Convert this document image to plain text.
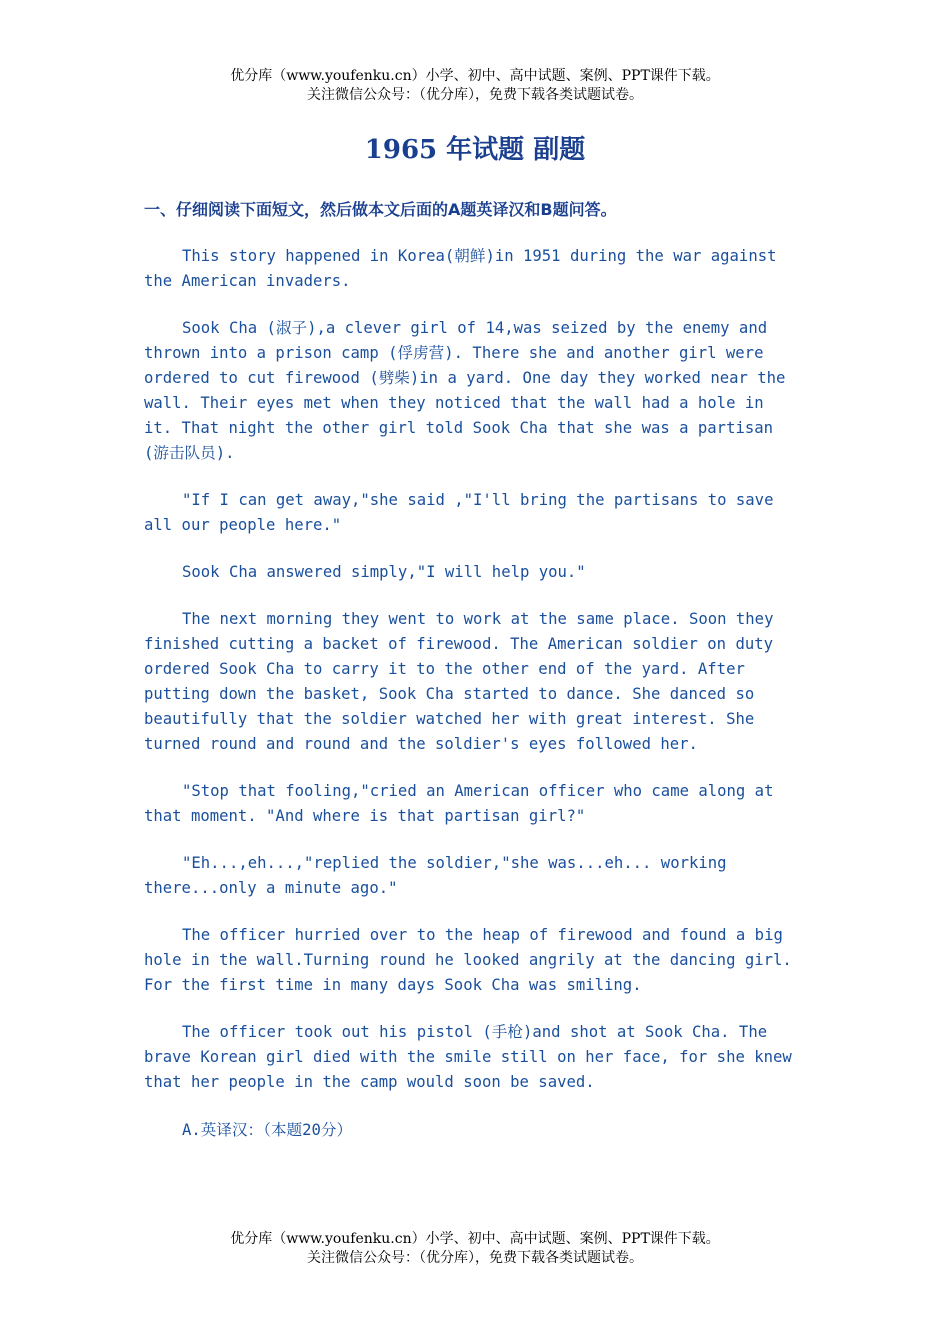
优分库（www.youfenku.cn）小学、初中、高中试题、案例、PPT课件下载。
关注微信公众号：（优分库），免费下载各类试题试卷。
1965 年试题 副题
一、仔细阅读下面短文，然后做本文后面的A题英译汉和B题问答。

This story happened in Korea(朝鲜)in 1951 during the war against
the American invaders.

Sook Cha (淑子),a clever girl of 14,was seized by the enemy and
thrown into a prison camp (俘虏营). There she and another girl were
ordered to cut firewood (劈柴)in a yard. One day they worked near the
wall. Their eyes met when they noticed that the wall had a hole in
it. That night the other girl told Sook Cha that she was a partisan
(游击队员).

"If I can get away,"she said ,"I'll bring the partisans to save
all our people here."

Sook Cha answered simply,"I will help you."

The next morning they went to work at the same place. Soon they
finished cutting a backet of firewood. The American soldier on duty
ordered Sook Cha to carry it to the other end of the yard. After
putting down the basket, Sook Cha started to dance. She danced so
beautifully that the soldier watched her with great interest. She
turned round and round and the soldier's eyes followed her.

"Stop that fooling,"cried an American officer who came along at
that moment. "And where is that partisan girl?"

"Eh...,eh...,"replied the soldier,"she was...eh... working
there...only a minute ago."

The officer hurried over to the heap of firewood and found a big
hole in the wall.Turning round he looked angrily at the dancing girl.
For the first time in many days Sook Cha was smiling.

The officer took out his pistol (手枪)and shot at Sook Cha. The
brave Korean girl died with the smile still on her face, for she knew
that her people in the camp would soon be saved.

A.英译汉：（本题20分）
优分库（www.youfenku.cn）小学、初中、高中试题、案例、PPT课件下载。
关注微信公众号：（优分库），免费下载各类试题试卷。
